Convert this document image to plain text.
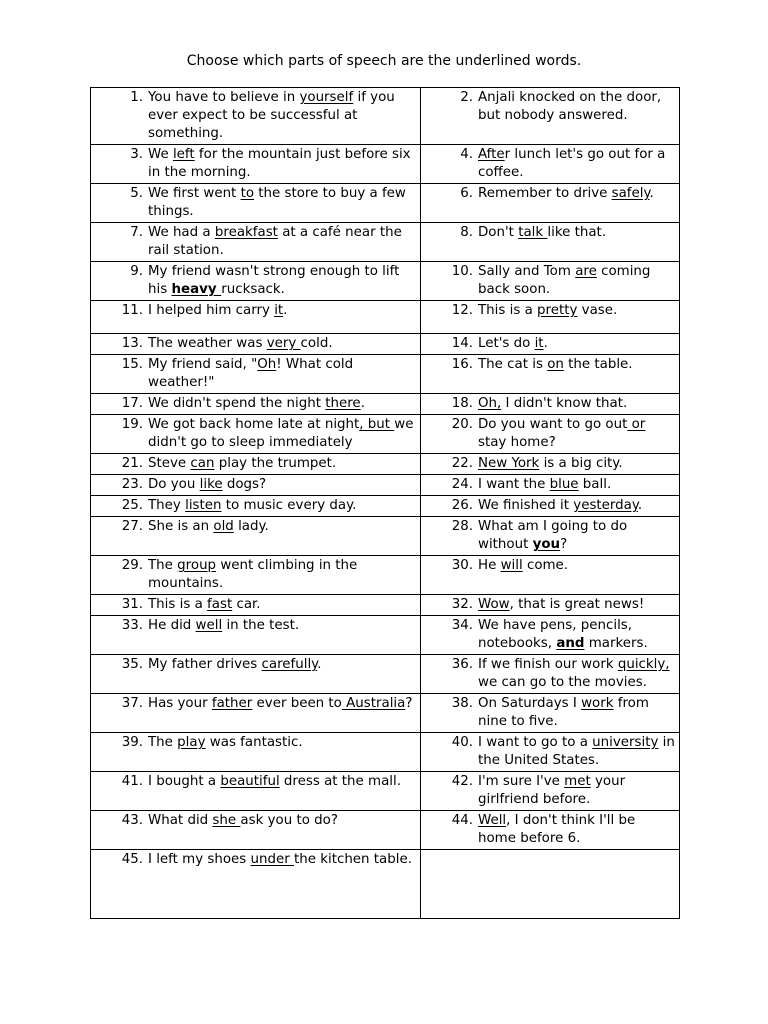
Choose which parts of speech are the underlined words.
1. You have to believe in yourself if you ever expect to be successful at something.	2. Anjali knocked on the door, but nobody answered.

3. We left for the mountain just before six in the morning.	4. After lunch let's go out for a coffee.

5. We first went to the store to buy a few things.	6. Remember to drive safely.

7. We had a breakfast at a café near the rail station.	8. Don't talk like that.

9. My friend wasn't strong enough to lift his heavy rucksack.	10. Sally and Tom are coming back soon.

11. I helped him carry it.	12. This is a pretty vase.

13. The weather was very cold.	14. Let's do it.

15. My friend said, "Oh! What cold weather!"	16. The cat is on the table.

17. We didn't spend the night there.	18. Oh, I didn't know that.

19. We got back home late at night, but we didn't go to sleep immediately	20. Do you want to go out or stay home?

21. Steve can play the trumpet.	22. New York is a big city.

23. Do you like dogs?	24. I want the blue ball.

25. They listen to music every day.	26. We finished it yesterday.

27. She is an old lady.	28. What am I going to do without you?

29. The group went climbing in the mountains.	30. He will come.

31. This is a fast car.	32. Wow, that is great news!

33. He did well in the test.	34. We have pens, pencils, notebooks, and markers.

35. My father drives carefully.	36. If we finish our work quickly, we can go to the movies.

37. Has your father ever been to Australia?	38. On Saturdays I work from nine to five.

39. The play was fantastic.	40. I want to go to a university in the United States.

41. I bought a beautiful dress at the mall.	42. I'm sure I've met your girlfriend before.

43. What did she ask you to do?	44. Well, I don't think I'll be home before 6.

45. I left my shoes under the kitchen table.	
